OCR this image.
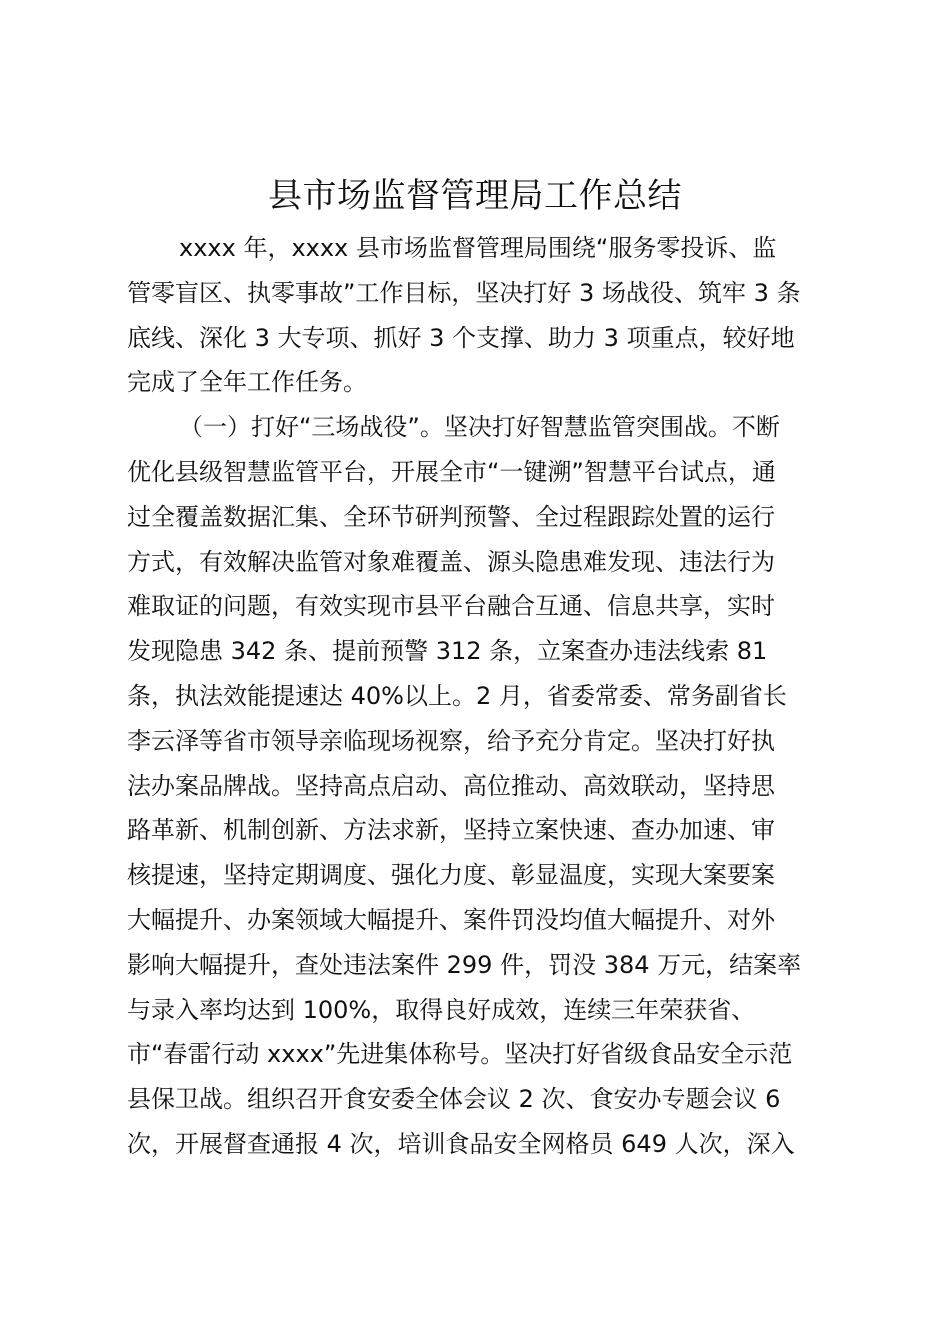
县市场监督管理局工作总结
xxxx 年，xxxx 县市场监督管理局围绕“服务零投诉、监
管零盲区、执零事故”工作目标，坚决打好 3 场战役、筑牢 3 条
底线、深化 3 大专项、抓好 3 个支撑、助力 3 项重点，较好地
完成了全年工作任务。
（一）打好“三场战役”。坚决打好智慧监管突围战。不断
优化县级智慧监管平台，开展全市“一键溯”智慧平台试点，通
过全覆盖数据汇集、全环节研判预警、全过程跟踪处置的运行
方式，有效解决监管对象难覆盖、源头隐患难发现、违法行为
难取证的问题，有效实现市县平台融合互通、信息共享，实时
发现隐患 342 条、提前预警 312 条，立案查办违法线索 81
条，执法效能提速达 40%以上。2 月，省委常委、常务副省长
李云泽等省市领导亲临现场视察，给予充分肯定。坚决打好执
法办案品牌战。坚持高点启动、高位推动、高效联动，坚持思
路革新、机制创新、方法求新，坚持立案快速、查办加速、审
核提速，坚持定期调度、强化力度、彰显温度，实现大案要案
大幅提升、办案领域大幅提升、案件罚没均值大幅提升、对外
影响大幅提升，查处违法案件 299 件，罚没 384 万元，结案率
与录入率均达到 100%，取得良好成效，连续三年荣获省、
市“春雷行动 xxxx”先进集体称号。坚决打好省级食品安全示范
县保卫战。组织召开食安委全体会议 2 次、食安办专题会议 6
次，开展督查通报 4 次，培训食品安全网格员 649 人次，深入
